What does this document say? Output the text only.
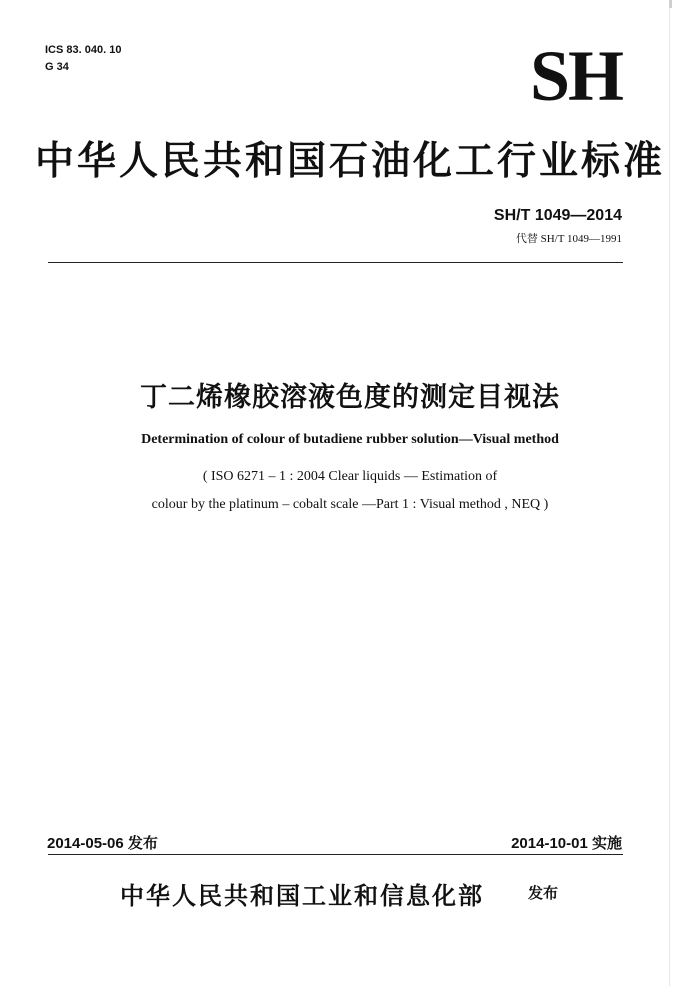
ICS 83. 040. 10
G 34	SH
中华人民共和国石油化工行业标准
SH/T 1049—2014
代替 SH/T 1049—1991
丁二烯橡胶溶液色度的测定目视法
Determination of colour of butadiene rubber solution—Visual method
( ISO 6271 – 1 : 2004 Clear liquids — Estimation of
colour by the platinum – cobalt scale —Part 1 : Visual method , NEQ )
2014-05-06 发布	2014-10-01 实施
中华人民共和国工业和信息化部	发布
